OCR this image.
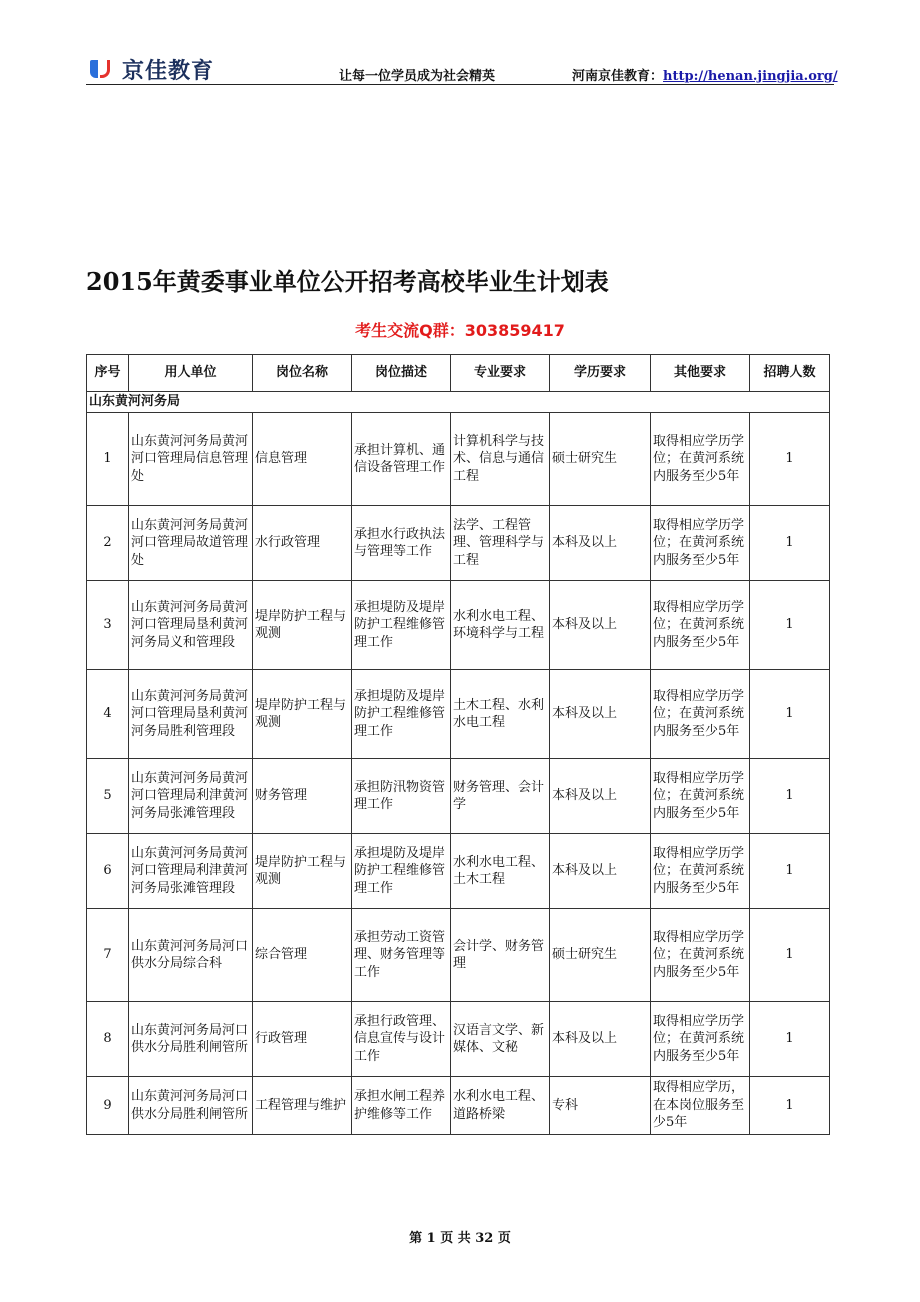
京佳教育	让每一位学员成为社会精英	河南京佳教育：http://henan.jingjia.org/
2015年黄委事业单位公开招考高校毕业生计划表
考生交流Q群：303859417
序号	用人单位	岗位名称	岗位描述	专业要求	学历要求	其他要求	招聘人数
山东黄河河务局							
1	山东黄河河务局黄河河口管理局信息管理处	信息管理	承担计算机、通信设备管理工作	计算机科学与技术、信息与通信工程	硕士研究生	取得相应学历学位；在黄河系统内服务至少5年	1
2	山东黄河河务局黄河河口管理局故道管理处	水行政管理	承担水行政执法与管理等工作	法学、工程管理、管理科学与工程	本科及以上	取得相应学历学位；在黄河系统内服务至少5年	1
3	山东黄河河务局黄河河口管理局垦利黄河河务局义和管理段	堤岸防护工程与观测	承担堤防及堤岸防护工程维修管理工作	水利水电工程、环境科学与工程	本科及以上	取得相应学历学位；在黄河系统内服务至少5年	1
4	山东黄河河务局黄河河口管理局垦利黄河河务局胜利管理段	堤岸防护工程与观测	承担堤防及堤岸防护工程维修管理工作	土木工程、水利水电工程	本科及以上	取得相应学历学位；在黄河系统内服务至少5年	1
5	山东黄河河务局黄河河口管理局利津黄河河务局张滩管理段	财务管理	承担防汛物资管理工作	财务管理、会计学	本科及以上	取得相应学历学位；在黄河系统内服务至少5年	1
6	山东黄河河务局黄河河口管理局利津黄河河务局张滩管理段	堤岸防护工程与观测	承担堤防及堤岸防护工程维修管理工作	水利水电工程、土木工程	本科及以上	取得相应学历学位；在黄河系统内服务至少5年	1
7	山东黄河河务局河口供水分局综合科	综合管理	承担劳动工资管理、财务管理等工作	会计学、财务管理	硕士研究生	取得相应学历学位；在黄河系统内服务至少5年	1
8	山东黄河河务局河口供水分局胜利闸管所	行政管理	承担行政管理、信息宣传与设计工作	汉语言文学、新媒体、文秘	本科及以上	取得相应学历学位；在黄河系统内服务至少5年	1
9	山东黄河河务局河口供水分局胜利闸管所	工程管理与维护	承担水闸工程养护维修等工作	水利水电工程、道路桥梁	专科	取得相应学历，在本岗位服务至少5年	1
第 1 页 共 32 页
